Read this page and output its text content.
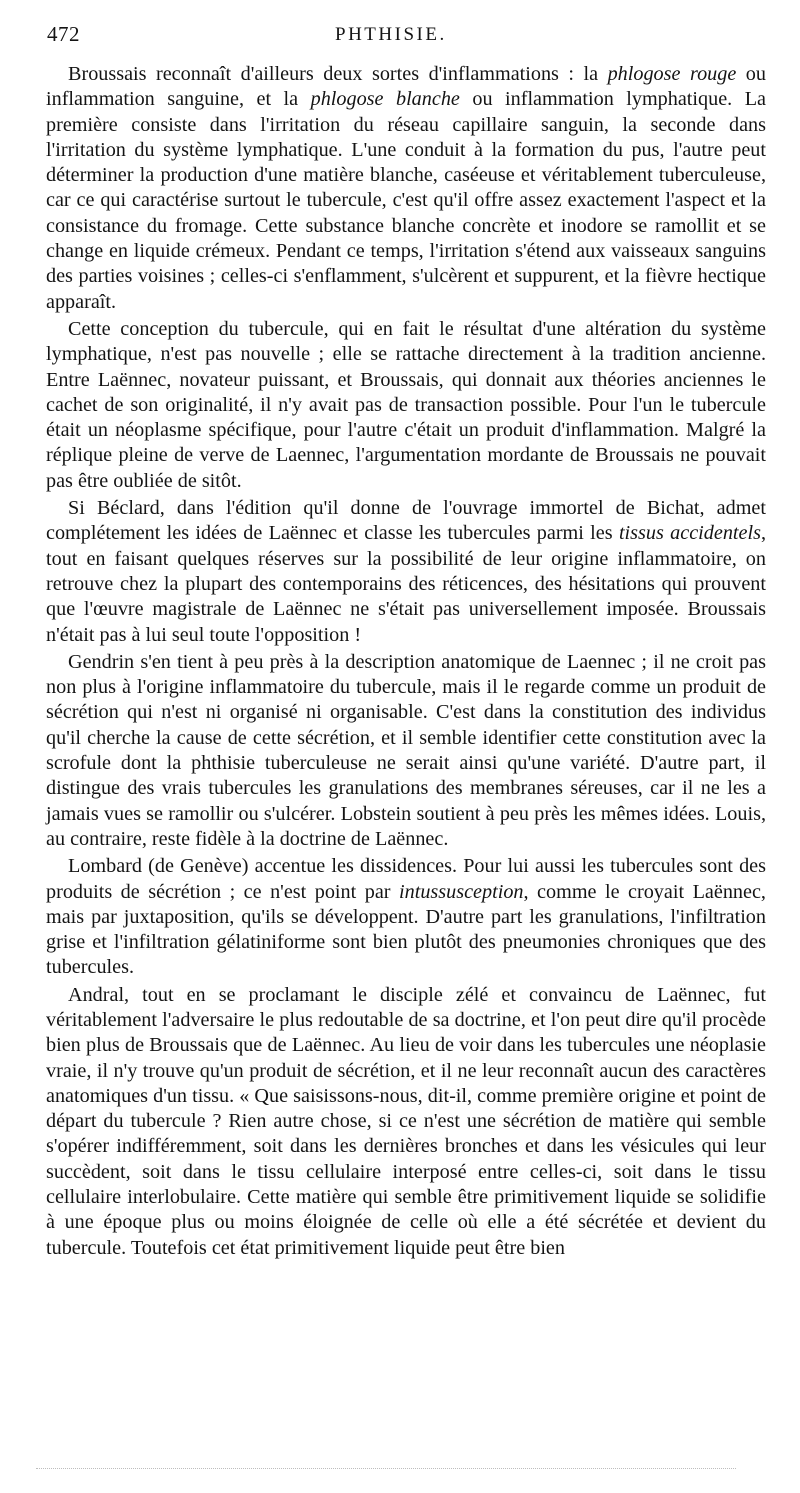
472	PHTHISIE.

Broussais reconnaît d'ailleurs deux sortes d'inflammations : la phlogose rouge ou inflammation sanguine, et la phlogose blanche ou inflammation lymphatique. La première consiste dans l'irritation du réseau capillaire sanguin, la seconde dans l'irritation du système lymphatique. L'une conduit à la formation du pus, l'autre peut déterminer la production d'une matière blanche, caséeuse et véritablement tuberculeuse, car ce qui caractérise surtout le tubercule, c'est qu'il offre assez exactement l'aspect et la consistance du fromage. Cette substance blanche concrète et inodore se ramollit et se change en liquide crémeux. Pendant ce temps, l'irritation s'étend aux vaisseaux sanguins des parties voisines ; celles-ci s'enflamment, s'ulcèrent et suppurent, et la fièvre hectique apparaît.

Cette conception du tubercule, qui en fait le résultat d'une altération du système lymphatique, n'est pas nouvelle ; elle se rattache directement à la tradition ancienne. Entre Laënnec, novateur puissant, et Broussais, qui donnait aux théories anciennes le cachet de son originalité, il n'y avait pas de transaction possible. Pour l'un le tubercule était un néoplasme spécifique, pour l'autre c'était un produit d'inflammation. Malgré la réplique pleine de verve de Laennec, l'argumentation mordante de Broussais ne pouvait pas être oubliée de sitôt.

Si Béclard, dans l'édition qu'il donne de l'ouvrage immortel de Bichat, admet complétement les idées de Laënnec et classe les tubercules parmi les tissus accidentels, tout en faisant quelques réserves sur la possibilité de leur origine inflammatoire, on retrouve chez la plupart des contemporains des réticences, des hésitations qui prouvent que l'œuvre magistrale de Laënnec ne s'était pas universellement imposée. Broussais n'était pas à lui seul toute l'opposition !

Gendrin s'en tient à peu près à la description anatomique de Laennec ; il ne croit pas non plus à l'origine inflammatoire du tubercule, mais il le regarde comme un produit de sécrétion qui n'est ni organisé ni organisable. C'est dans la constitution des individus qu'il cherche la cause de cette sécrétion, et il semble identifier cette constitution avec la scrofule dont la phthisie tuberculeuse ne serait ainsi qu'une variété. D'autre part, il distingue des vrais tubercules les granulations des membranes séreuses, car il ne les a jamais vues se ramollir ou s'ulcérer. Lobstein soutient à peu près les mêmes idées. Louis, au contraire, reste fidèle à la doctrine de Laënnec.

Lombard (de Genève) accentue les dissidences. Pour lui aussi les tubercules sont des produits de sécrétion ; ce n'est point par intussusception, comme le croyait Laënnec, mais par juxtaposition, qu'ils se développent. D'autre part les granulations, l'infiltration grise et l'infiltration gélatiniforme sont bien plutôt des pneumonies chroniques que des tubercules.

Andral, tout en se proclamant le disciple zélé et convaincu de Laënnec, fut véritablement l'adversaire le plus redoutable de sa doctrine, et l'on peut dire qu'il procède bien plus de Broussais que de Laënnec. Au lieu de voir dans les tubercules une néoplasie vraie, il n'y trouve qu'un produit de sécrétion, et il ne leur reconnaît aucun des caractères anatomiques d'un tissu. « Que saisissons-nous, dit-il, comme première origine et point de départ du tubercule ? Rien autre chose, si ce n'est une sécrétion de matière qui semble s'opérer indifféremment, soit dans les dernières bronches et dans les vésicules qui leur succèdent, soit dans le tissu cellulaire interposé entre celles-ci, soit dans le tissu cellulaire interlobulaire. Cette matière qui semble être primitivement liquide se solidifie à une époque plus ou moins éloignée de celle où elle a été sécrétée et devient du tubercule. Toutefois cet état primitivement liquide peut être bien
